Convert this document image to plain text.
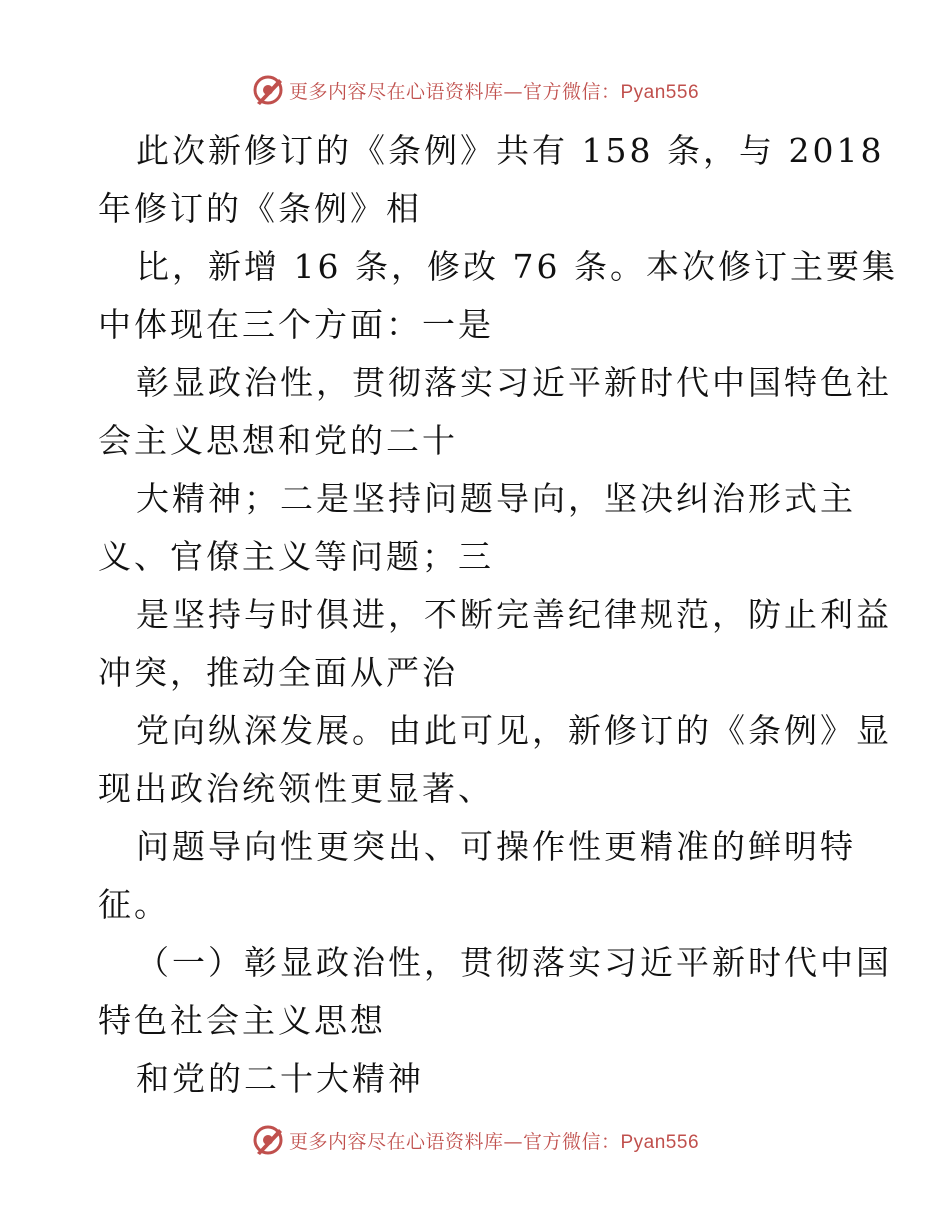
更多内容尽在心语资料库—官方微信：Pyan556
此次新修订的《条例》共有 158 条，与 2018
年修订的《条例》相
比，新增 16 条，修改 76 条。本次修订主要集
中体现在三个方面：一是
彰显政治性，贯彻落实习近平新时代中国特色社
会主义思想和党的二十
大精神；二是坚持问题导向，坚决纠治形式主
义、官僚主义等问题；三
是坚持与时俱进，不断完善纪律规范，防止利益
冲突，推动全面从严治
党向纵深发展。由此可见，新修订的《条例》显
现出政治统领性更显著、
问题导向性更突出、可操作性更精准的鲜明特
征。
（一）彰显政治性，贯彻落实习近平新时代中国
特色社会主义思想
和党的二十大精神
更多内容尽在心语资料库—官方微信：Pyan556
